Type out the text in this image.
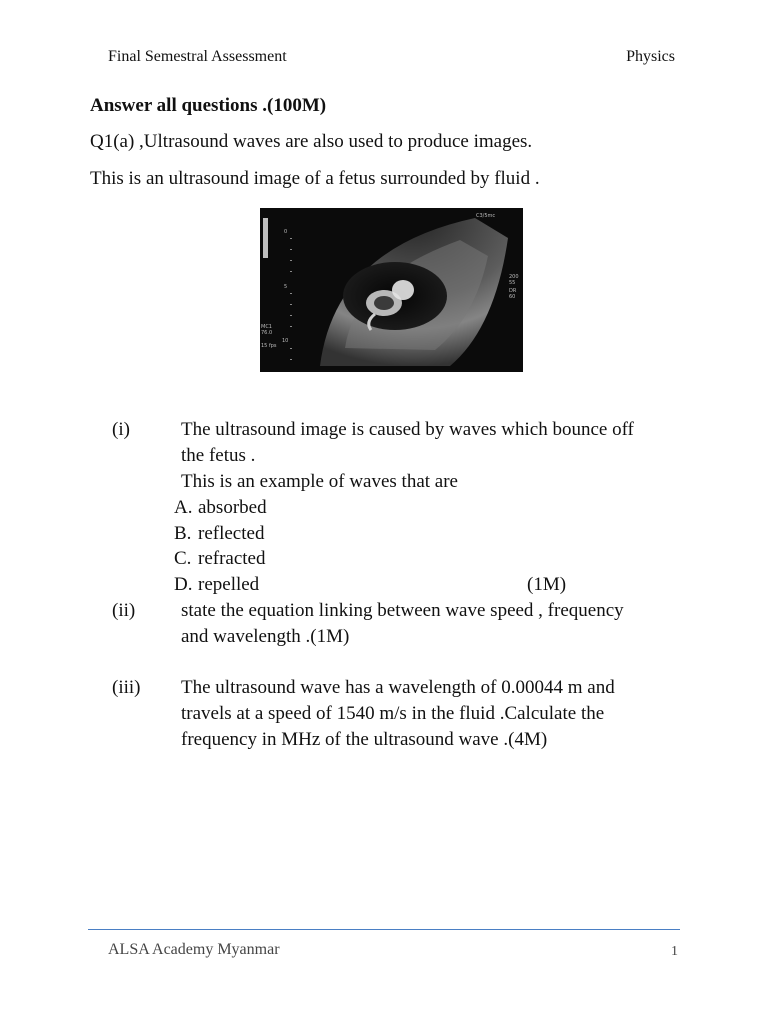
Final Semestral Assessment	Physics
Answer all questions .(100M)
Q1(a) ,Ultrasound waves are also used to produce images.
This is an ultrasound image of a fetus surrounded by fluid .
C3/5mc
200
55
DR
60
MC1
76.0
15 fps
0
5
10
(i)	The ultrasound image is caused by waves which bounce off
the fetus .
This is an example of waves that are
A. absorbed
B. reflected
C. refracted
D. repelled	(1M)
(ii) state the equation linking between wave speed , frequency
and wavelength .(1M)
(iii) The ultrasound wave has a wavelength of 0.00044 m and
travels at a speed of 1540 m/s in the fluid .Calculate the
frequency in MHz of the ultrasound wave .(4M)
ALSA Academy Myanmar	1
